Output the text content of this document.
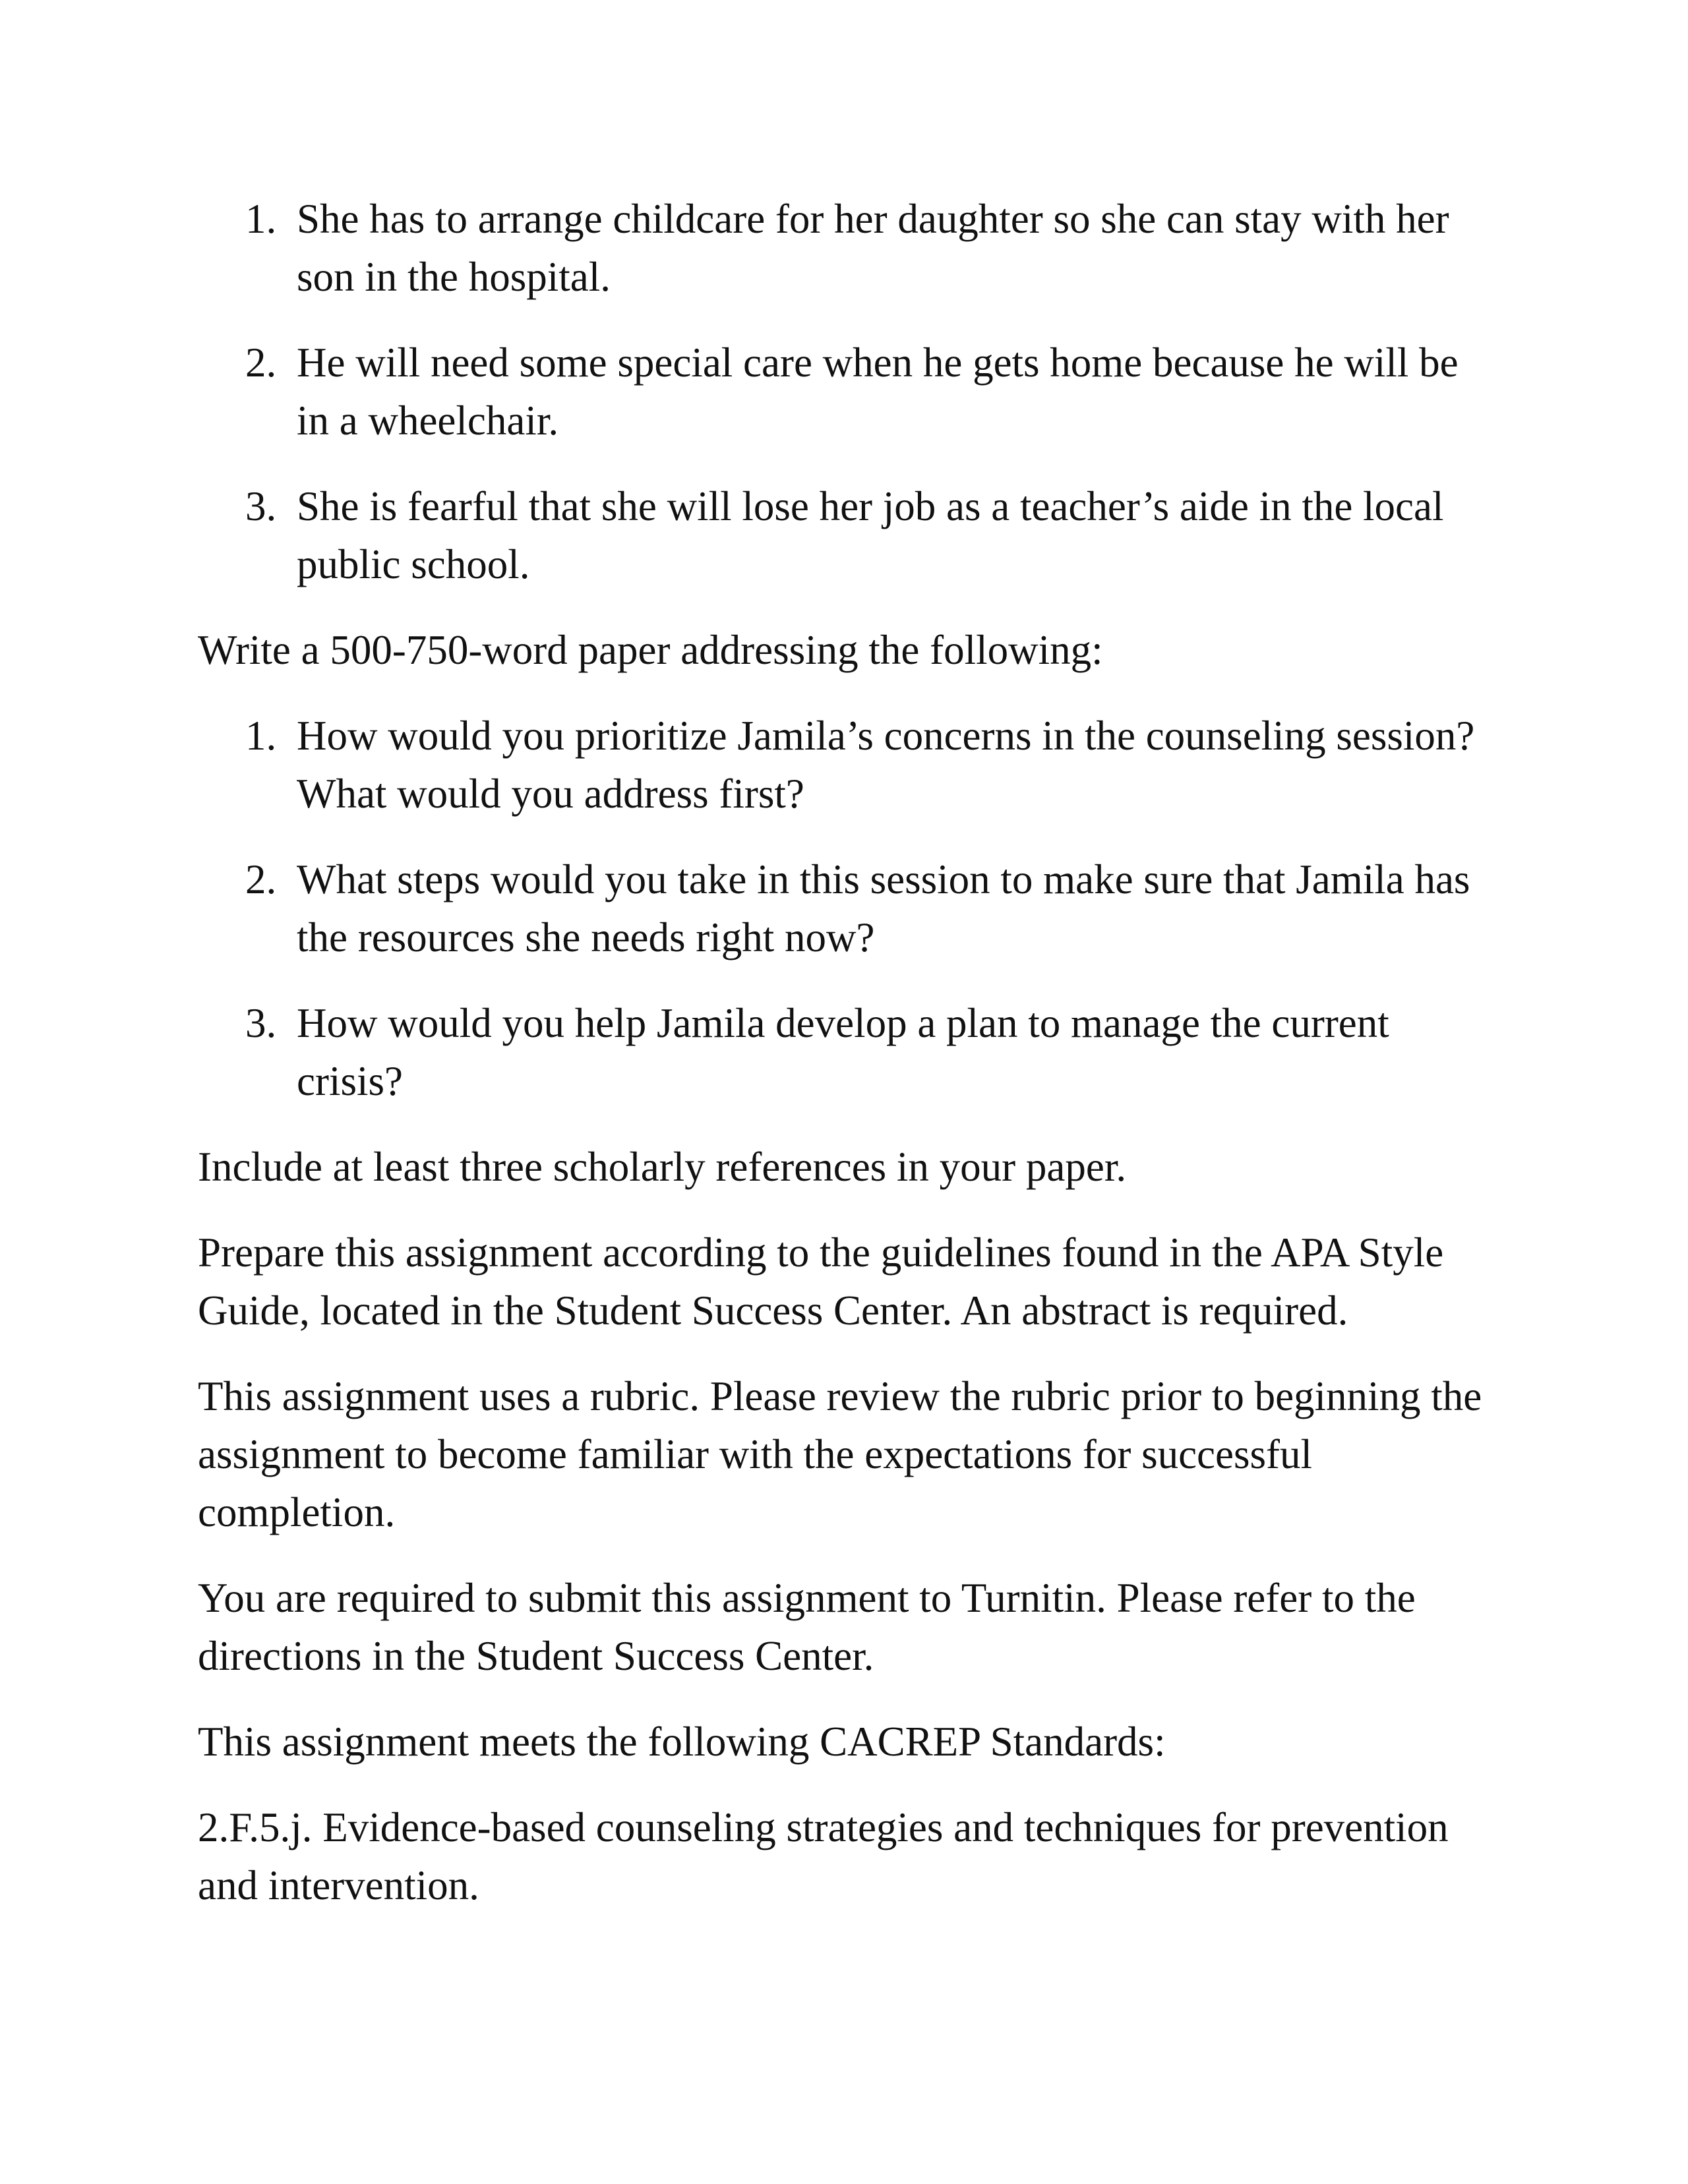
1. She has to arrange childcare for her daughter so she can stay with her son in the hospital.
2. He will need some special care when he gets home because he will be in a wheelchair.
3. She is fearful that she will lose her job as a teacher’s aide in the local public school.

Write a 500-750-word paper addressing the following:

1. How would you prioritize Jamila’s concerns in the counseling session? What would you address first?
2. What steps would you take in this session to make sure that Jamila has the resources she needs right now?
3. How would you help Jamila develop a plan to manage the current crisis?

Include at least three scholarly references in your paper.

Prepare this assignment according to the guidelines found in the APA Style Guide, located in the Student Success Center. An abstract is required.

This assignment uses a rubric. Please review the rubric prior to beginning the assignment to become familiar with the expectations for successful completion.

You are required to submit this assignment to Turnitin. Please refer to the directions in the Student Success Center.

This assignment meets the following CACREP Standards:

2.F.5.j. Evidence-based counseling strategies and techniques for prevention and intervention.
